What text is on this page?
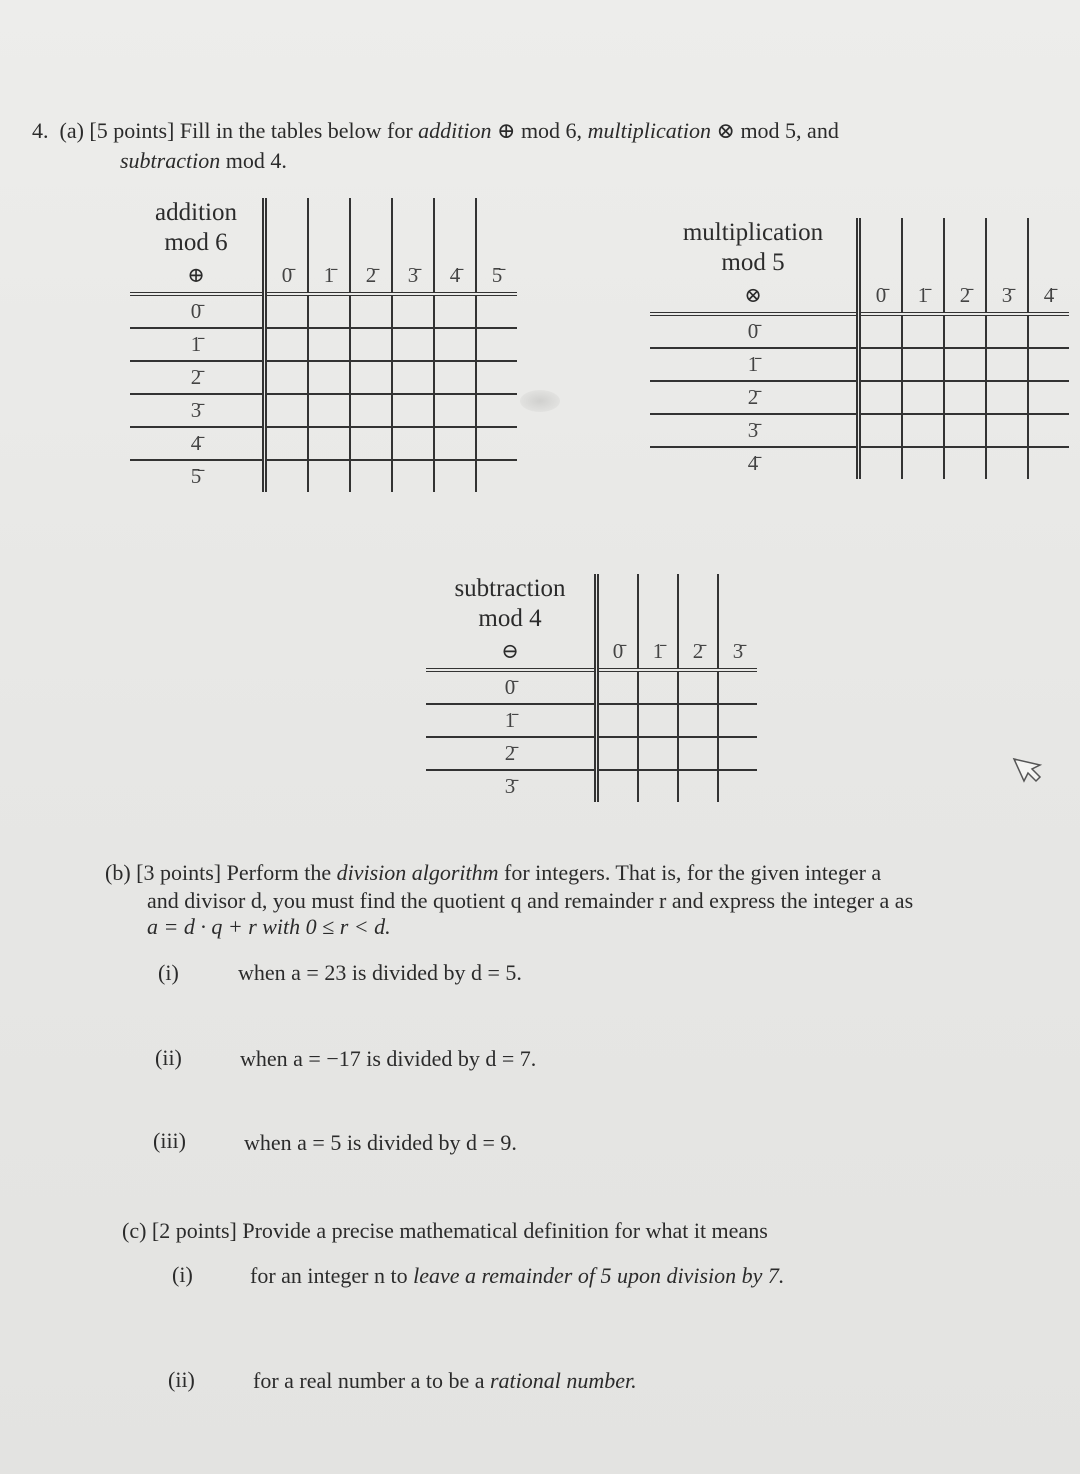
4. (a) [5 points] Fill in the tables below for addition ⊕ mod 6, multiplication ⊗ mod 5, and
subtraction mod 4.
addition
mod 6						

⊕	0̄	1̄	2̄	3̄	4̄	5̄
0̄						
1̄						
2̄						
3̄						
4̄						
5̄						
multiplication
mod 5					

⊗	0̄	1̄	2̄	3̄	4̄
0̄					
1̄					
2̄					
3̄					
4̄					
subtraction
mod 4				

⊖	0̄	1̄	2̄	3̄
0̄				
1̄				
2̄				
3̄				
(b) [3 points] Perform the division algorithm for integers. That is, for the given integer a
and divisor d, you must find the quotient q and remainder r and express the integer a as
a = d · q + r with 0 ≤ r < d.
(i)	when a = 23 is divided by d = 5.
(ii)	when a = −17 is divided by d = 7.
(iii)	when a = 5 is divided by d = 9.
(c) [2 points] Provide a precise mathematical definition for what it means
(i)	for an integer n to leave a remainder of 5 upon division by 7.
(ii)	for a real number a to be a rational number.
